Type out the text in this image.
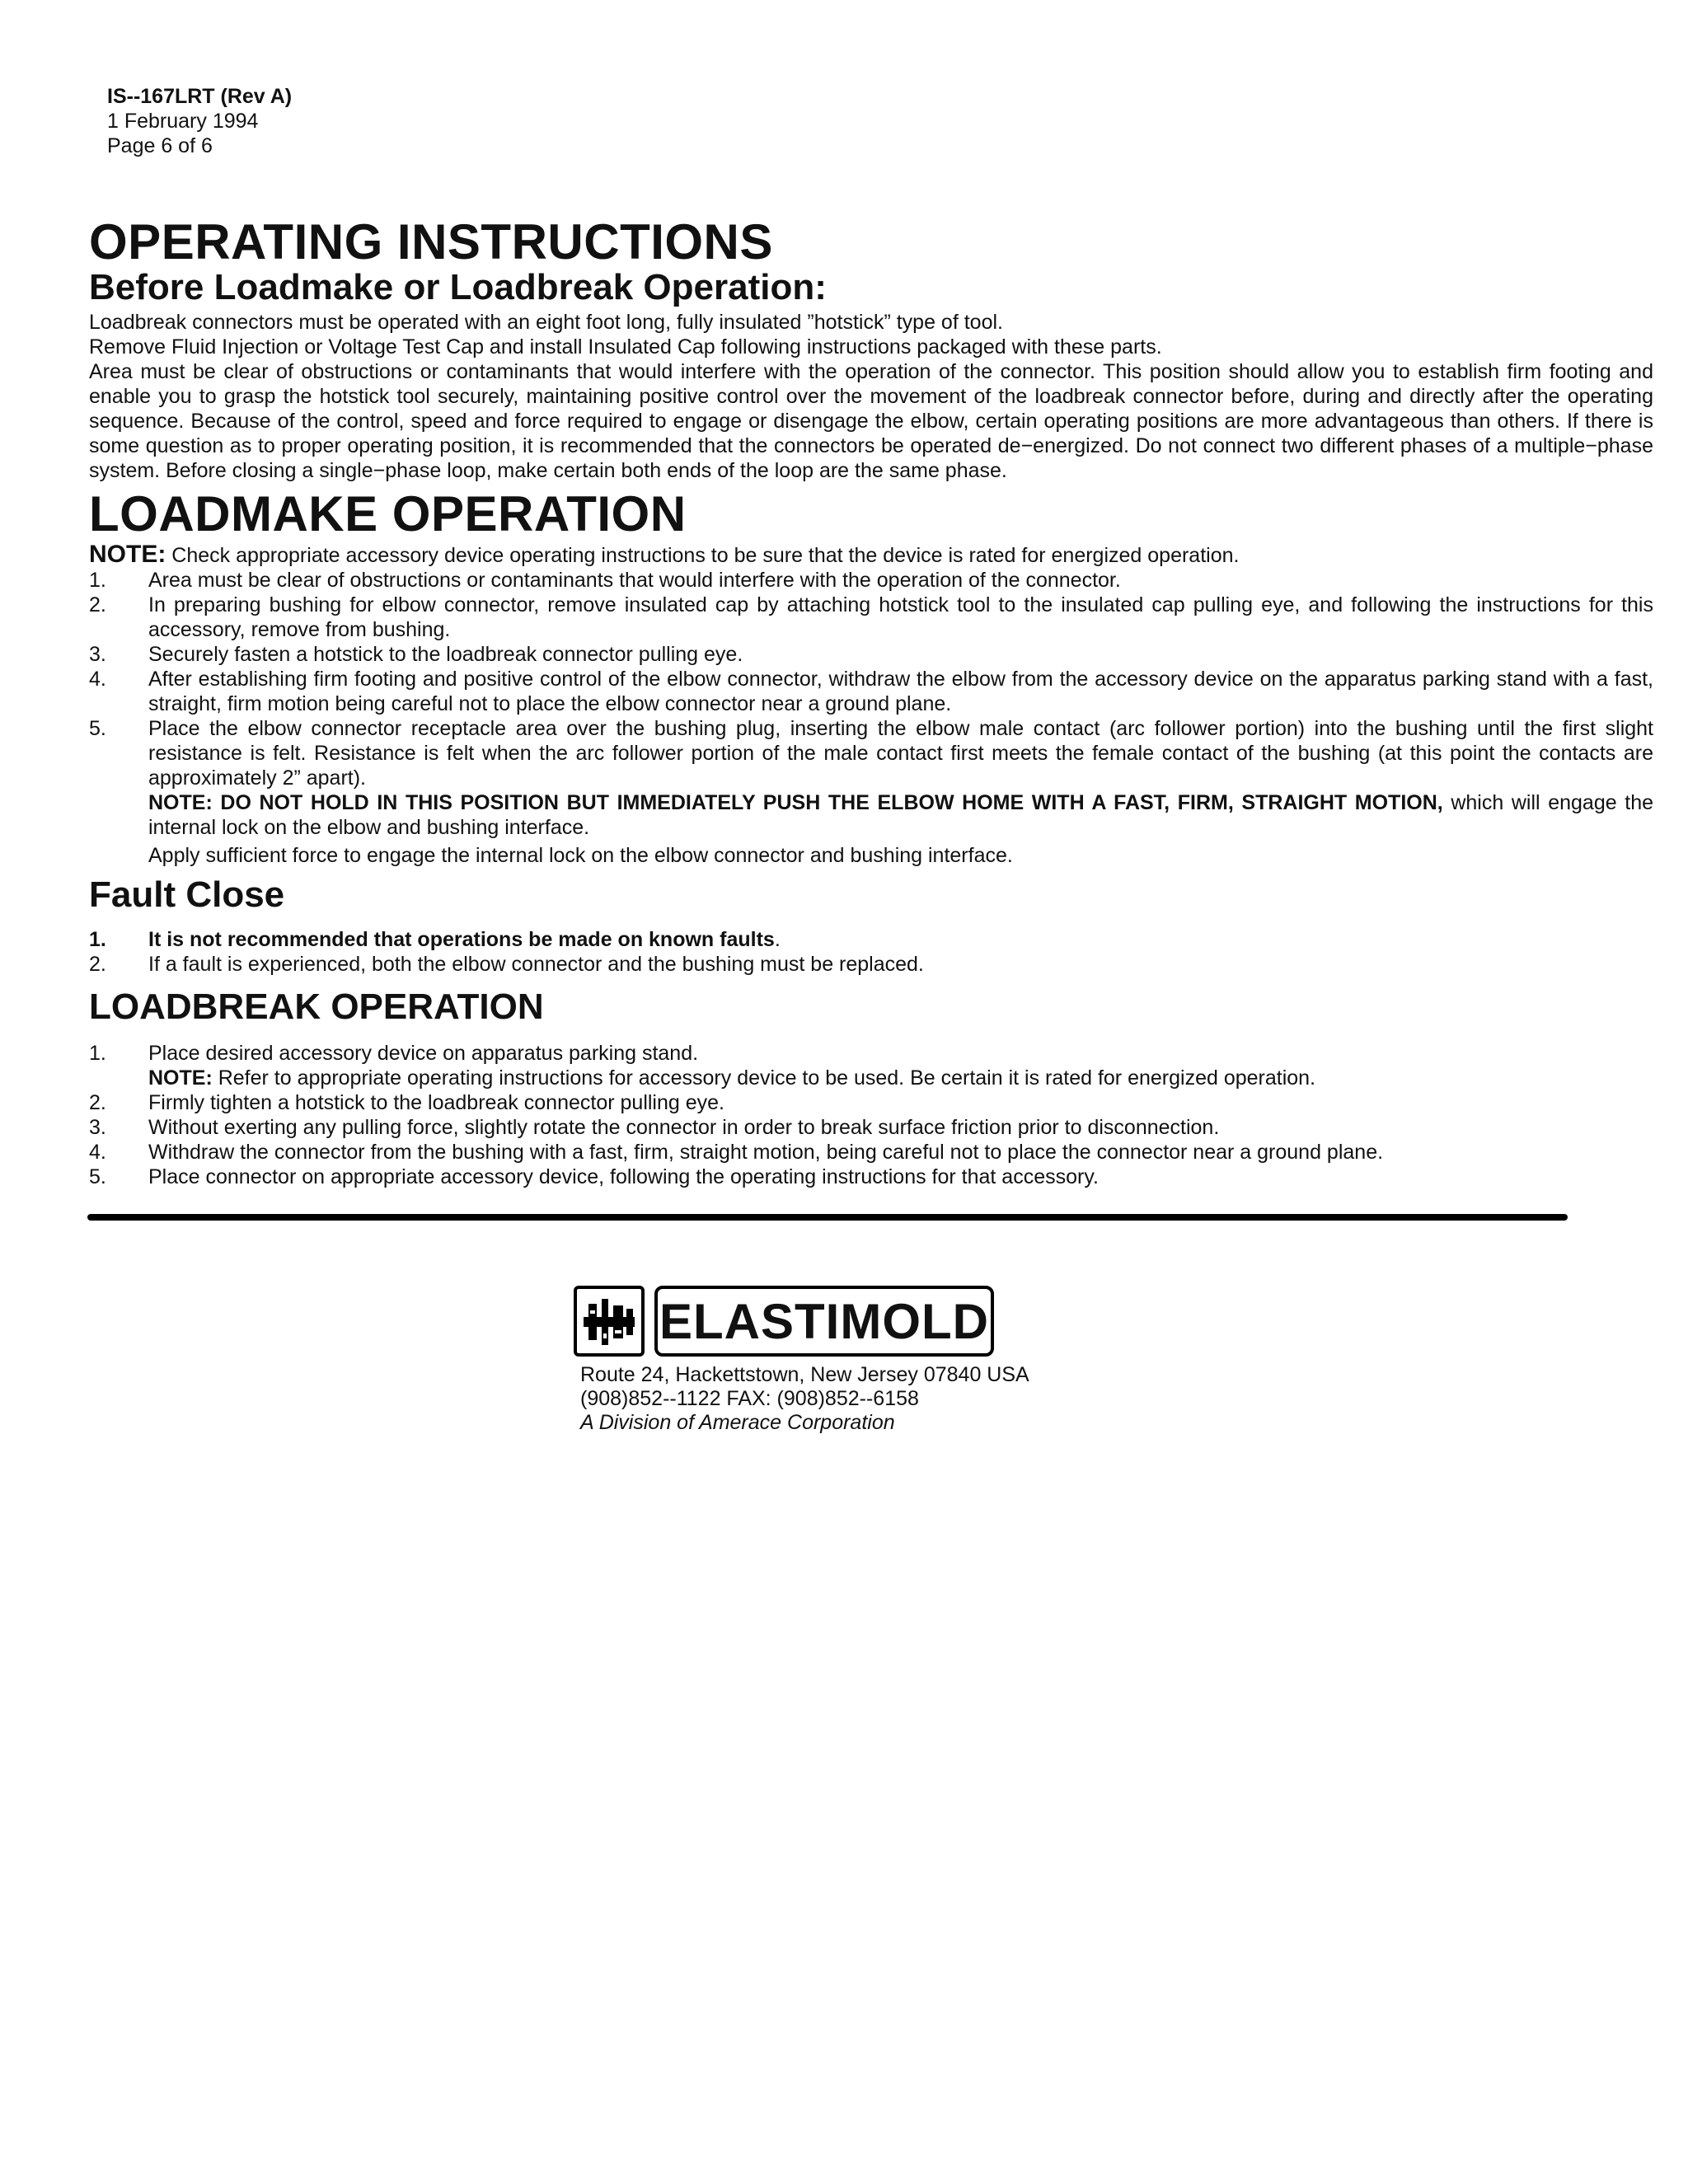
IS--167LRT (Rev A)
1 February 1994
Page 6 of 6
OPERATING INSTRUCTIONS
Before Loadmake or Loadbreak Operation:

Loadbreak connectors must be operated with an eight foot long, fully insulated ”hotstick” type of tool.

Remove Fluid Injection or Voltage Test Cap and install Insulated Cap following instructions packaged with these parts.

Area must be clear of obstructions or contaminants that would interfere with the operation of the connector. This position should allow you to establish firm footing and enable you to grasp the hotstick tool securely, maintaining positive control over the movement of the loadbreak connector before, during and directly after the operating sequence. Because of the control, speed and force required to engage or disengage the elbow, certain operating positions are more advantageous than others. If there is some question as to proper operating position, it is recommended that the connectors be operated de−energized. Do not connect two different phases of a multiple−phase system. Before closing a single−phase loop, make certain both ends of the loop are the same phase.

LOADMAKE OPERATION
NOTE: Check appropriate accessory device operating instructions to be sure that the device is rated for energized operation.
1.	Area must be clear of obstructions or contaminants that would interfere with the operation of the connector.
2.	In preparing bushing for elbow connector, remove insulated cap by attaching hotstick tool to the insulated cap pulling eye, and following the instructions for this accessory, remove from bushing.
3.	Securely fasten a hotstick to the loadbreak connector pulling eye.
4.	After establishing firm footing and positive control of the elbow connector, withdraw the elbow from the accessory device on the apparatus parking stand with a fast, straight, firm motion being careful not to place the elbow connector near a ground plane.
5.	Place the elbow connector receptacle area over the bushing plug, inserting the elbow male contact (arc follower portion) into the bushing until the first slight resistance is felt. Resistance is felt when the arc follower portion of the male contact first meets the female contact of the bushing (at this point the contacts are approximately 2” apart).
NOTE: DO NOT HOLD IN THIS POSITION BUT IMMEDIATELY PUSH THE ELBOW HOME WITH A FAST, FIRM, STRAIGHT MOTION, which will engage the internal lock on the elbow and bushing interface.
Apply sufficient force to engage the internal lock on the elbow connector and bushing interface.
Fault Close
1.	It is not recommended that operations be made on known faults.
2.	If a fault is experienced, both the elbow connector and the bushing must be replaced.
LOADBREAK OPERATION
1.	Place desired accessory device on apparatus parking stand.
NOTE: Refer to appropriate operating instructions for accessory device to be used. Be certain it is rated for energized operation.
2.	Firmly tighten a hotstick to the loadbreak connector pulling eye.
3.	Without exerting any pulling force, slightly rotate the connector in order to break surface friction prior to disconnection.
4.	Withdraw the connector from the bushing with a fast, firm, straight motion, being careful not to place the connector near a ground plane.
5.	Place connector on appropriate accessory device, following the operating instructions for that accessory.
ELASTIMOLD
Route 24, Hackettstown, New Jersey 07840 USA
(908)852--1122 FAX: (908)852--6158
A Division of Amerace Corporation
